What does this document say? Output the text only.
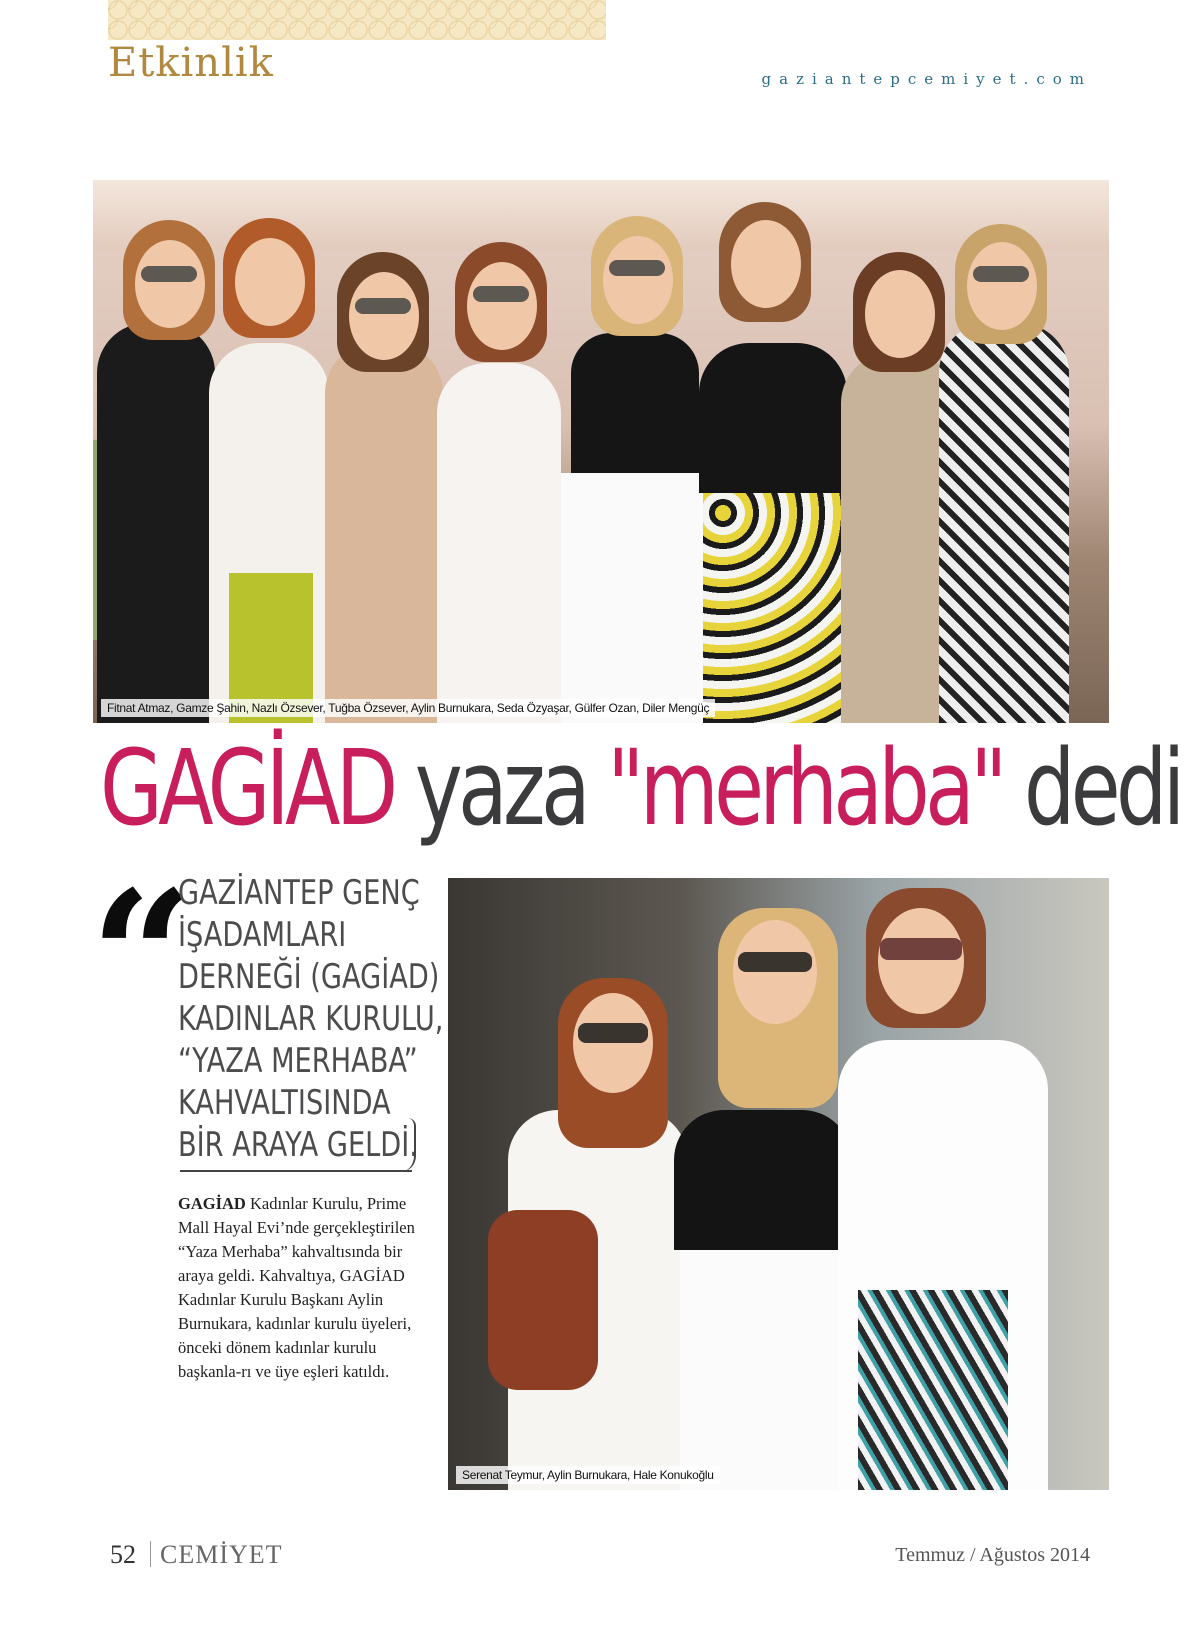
Etkinlik	gaziantepcemiyet.com
Fitnat Atmaz, Gamze Şahin, Nazlı Özsever, Tuğba Özsever, Aylin Burnukara, Seda Özyaşar, Gülfer Ozan, Diler Mengüç
GAGİAD yaza "merhaba" dedi
“
GAZİANTEP GENÇ
İŞADAMLARI
DERNEĞİ (GAGİAD)
KADINLAR KURULU,
“YAZA MERHABA”
KAHVALTISINDA
BİR ARAYA GELDİ.
GAGİAD Kadınlar Kurulu, Prime Mall Hayal Evi’nde gerçekleştirilen “Yaza Merhaba” kahvaltısında bir araya geldi. Kahvaltıya, GAGİAD Kadınlar Kurulu Başkanı Aylin Burnukara, kadınlar kurulu üyeleri, önceki dönem kadınlar kurulu başkanla-rı ve üye eşleri katıldı.
Serenat Teymur, Aylin Burnukara, Hale Konukoğlu
52 CEMİYET	Temmuz / Ağustos 2014
